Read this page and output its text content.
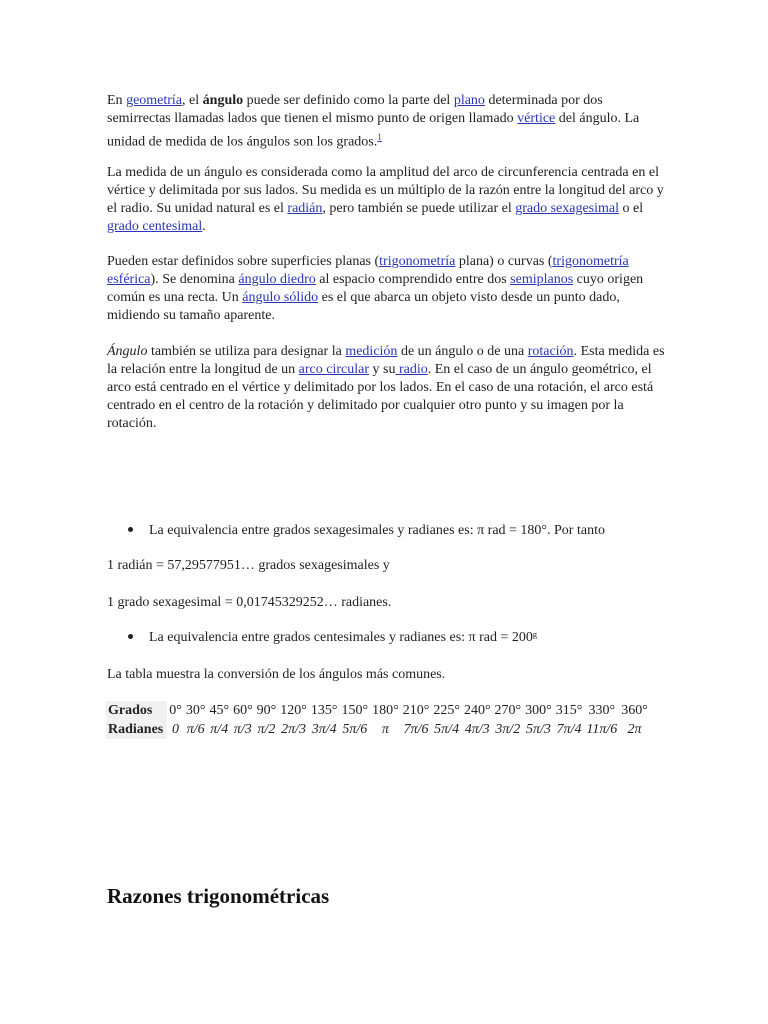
En geometría, el ángulo puede ser definido como la parte del plano determinada por dos semirrectas llamadas lados que tienen el mismo punto de origen llamado vértice del ángulo. La unidad de medida de los ángulos son los grados.$^1$

La medida de un ángulo es considerada como la amplitud del arco de circunferencia centrada en el vértice y delimitada por sus lados. Su medida es un múltiplo de la razón entre la longitud del arco y el radio. Su unidad natural es el radián, pero también se puede utilizar el grado sexagesimal o el grado centesimal.

Pueden estar definidos sobre superficies planas (trigonometría plana) o curvas (trigonometría esférica). Se denomina ángulo diedro al espacio comprendido entre dos semiplanos cuyo origen común es una recta. Un ángulo sólido es el que abarca un objeto visto desde un punto dado, midiendo su tamaño aparente.

Ángulo también se utiliza para designar la medición de un ángulo o de una rotación. Esta medida es la relación entre la longitud de un arco circular y su radio. En el caso de un ángulo geométrico, el arco está centrado en el vértice y delimitado por los lados. En el caso de una rotación, el arco está centrado en el centro de la rotación y delimitado por cualquier otro punto y su imagen por la rotación.

La equivalencia entre grados sexagesimales y radianes es: π rad = 180°. Por tanto
1 radián = 57,29577951… grados sexagesimales y
1 grado sexagesimal = 0,01745329252… radianes.
La equivalencia entre grados centesimales y radianes es: π rad = 200ᵍ
La tabla muestra la conversión de los ángulos más comunes.
Grados	0°	30°	45°	60°	90°	120°	135°	150°	180°	210°	225°	240°	270°	300°	315°	330°	360°
Radianes	0	π/6	π/4	π/3	π/2	2π/3	3π/4	5π/6	π	7π/6	5π/4	4π/3	3π/2	5π/3	7π/4	11π/6	2π
Razones trigonométricas
